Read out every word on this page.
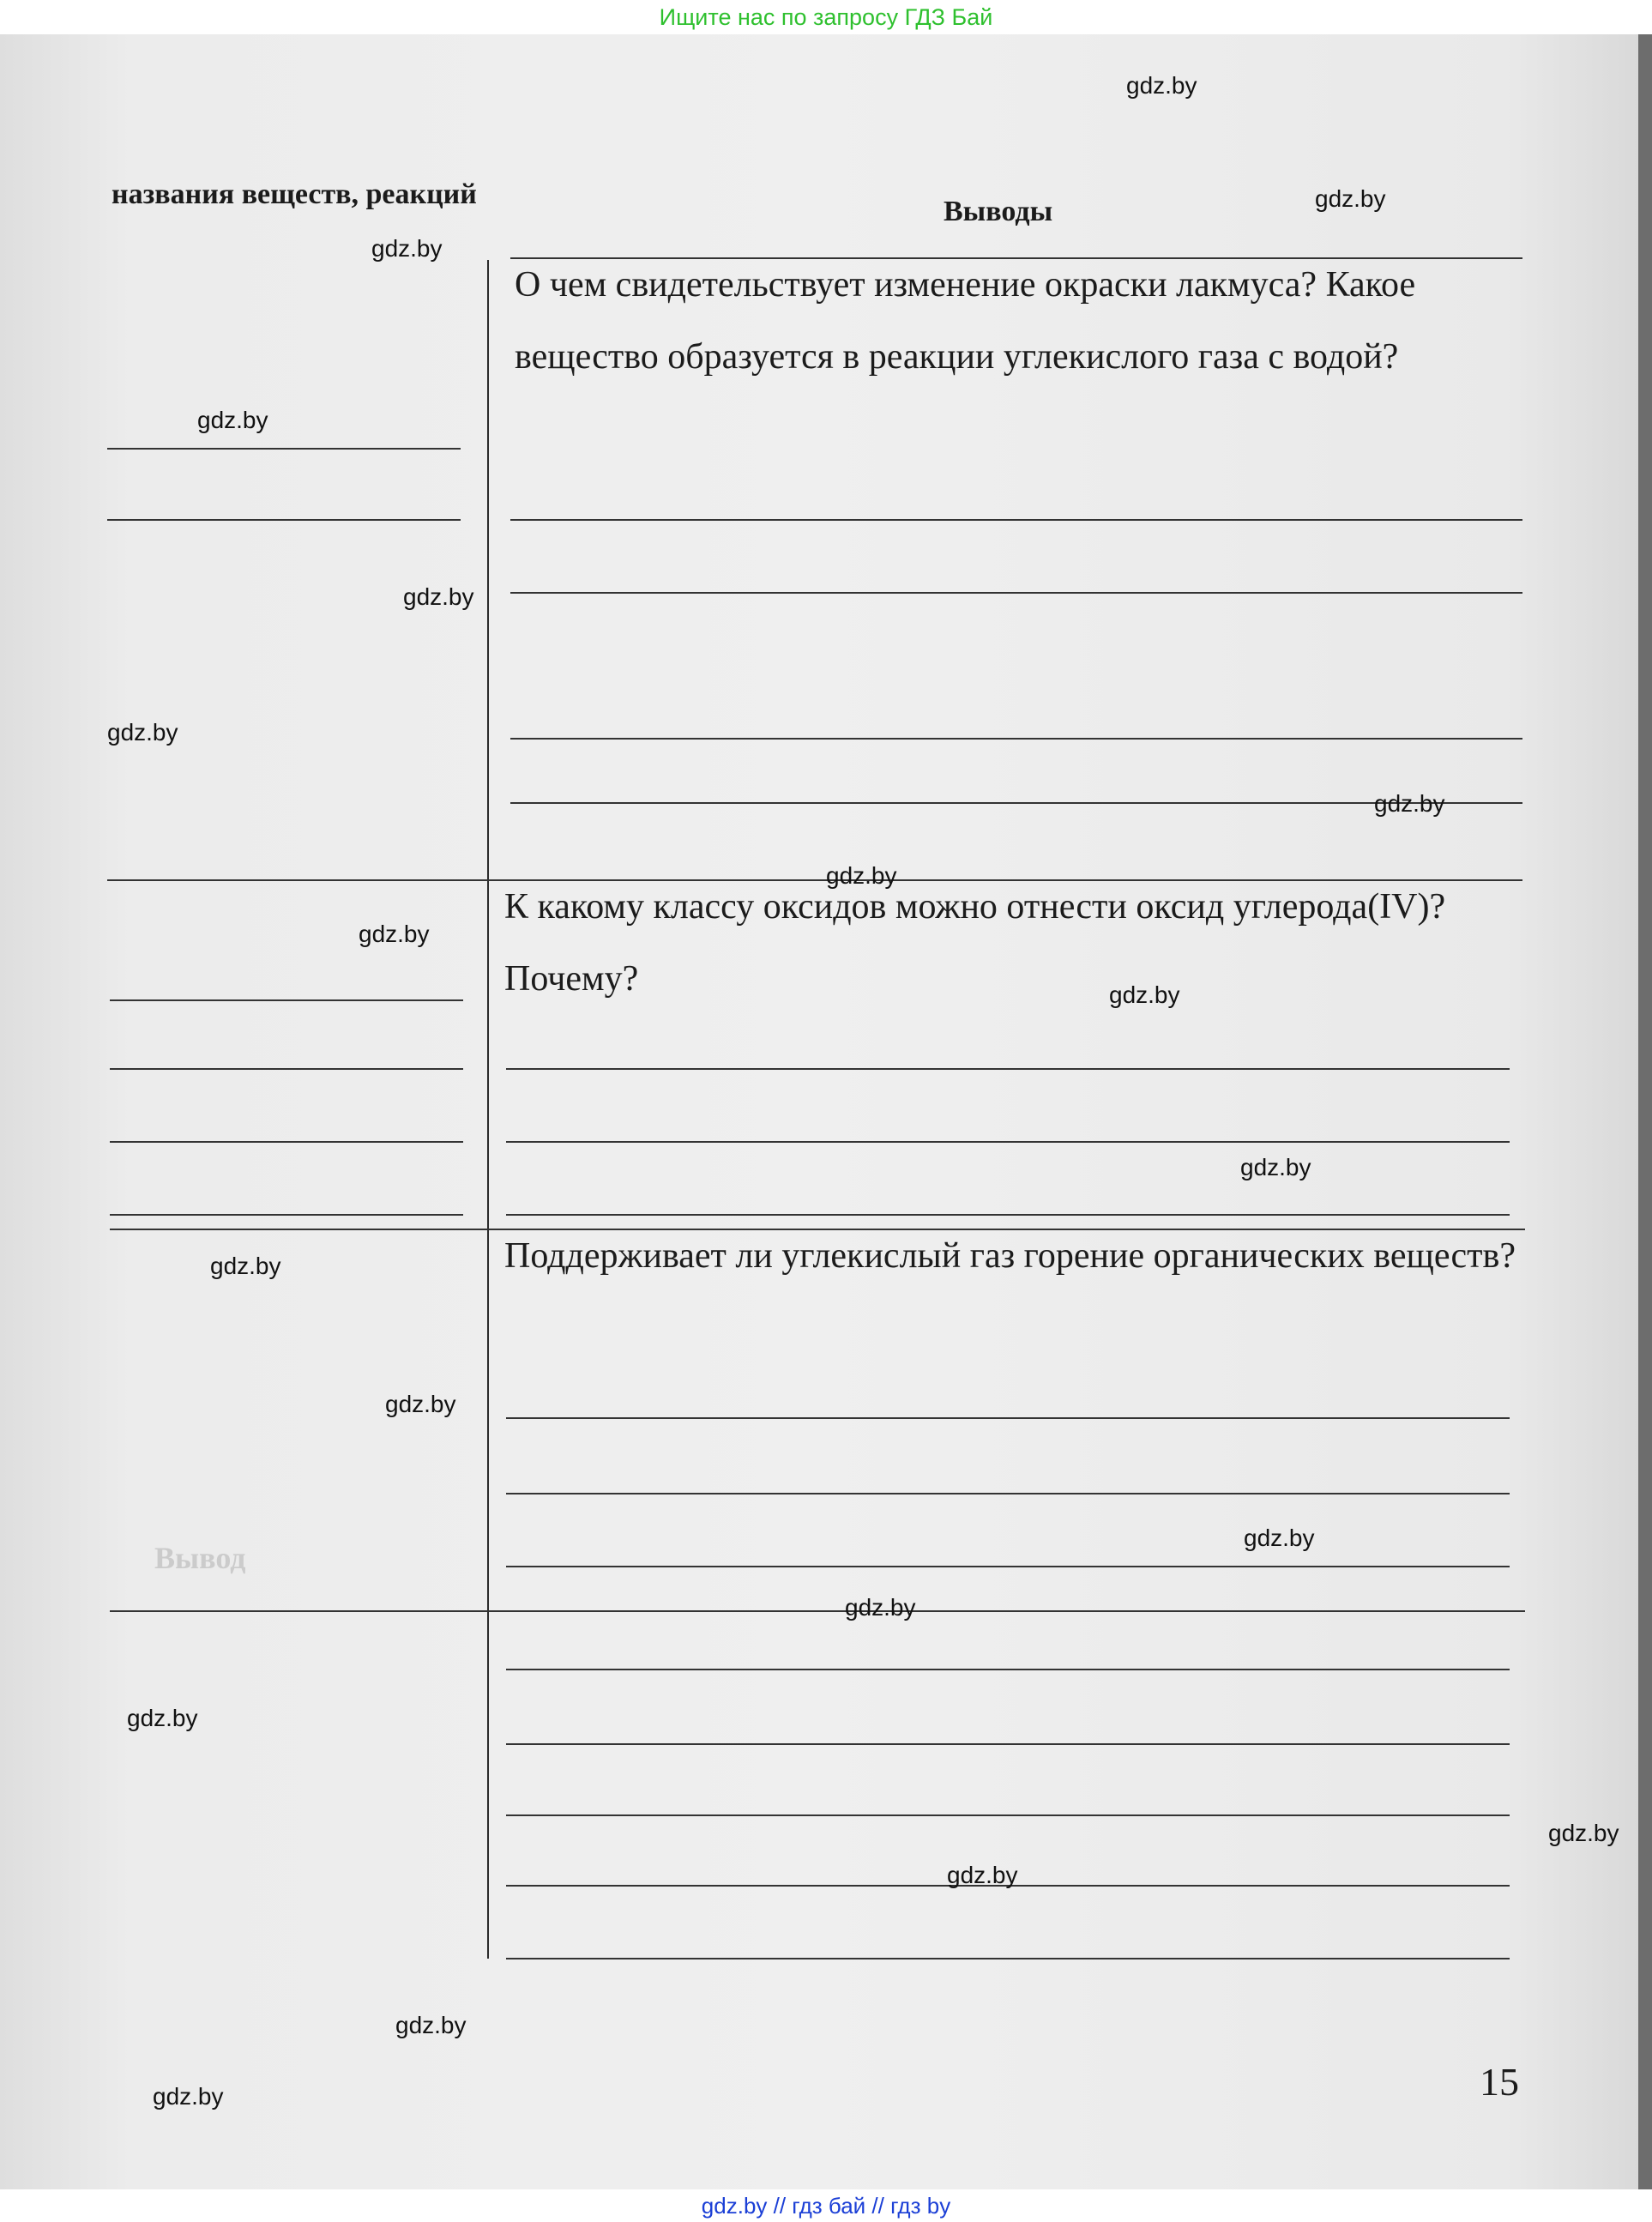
Ищите нас по запросу ГДЗ Бай
Вывод
названия веществ, реакций
Выводы
О чем свидетельствует изменение окраски лакмуса? Какое вещество образуется в реакции углекислого газа с водой?
К какому классу оксидов можно отнести оксид углерода(IV)? Почему?
Поддерживает ли углекислый газ горение органических веществ?
15
gdz.by
gdz.by
gdz.by
gdz.by
gdz.by
gdz.by
gdz.by
gdz.by
gdz.by
gdz.by
gdz.by
gdz.by
gdz.by
gdz.by
gdz.by
gdz.by
gdz.by
gdz.by
gdz.by
gdz.by
gdz.by // гдз бай // гдз by
